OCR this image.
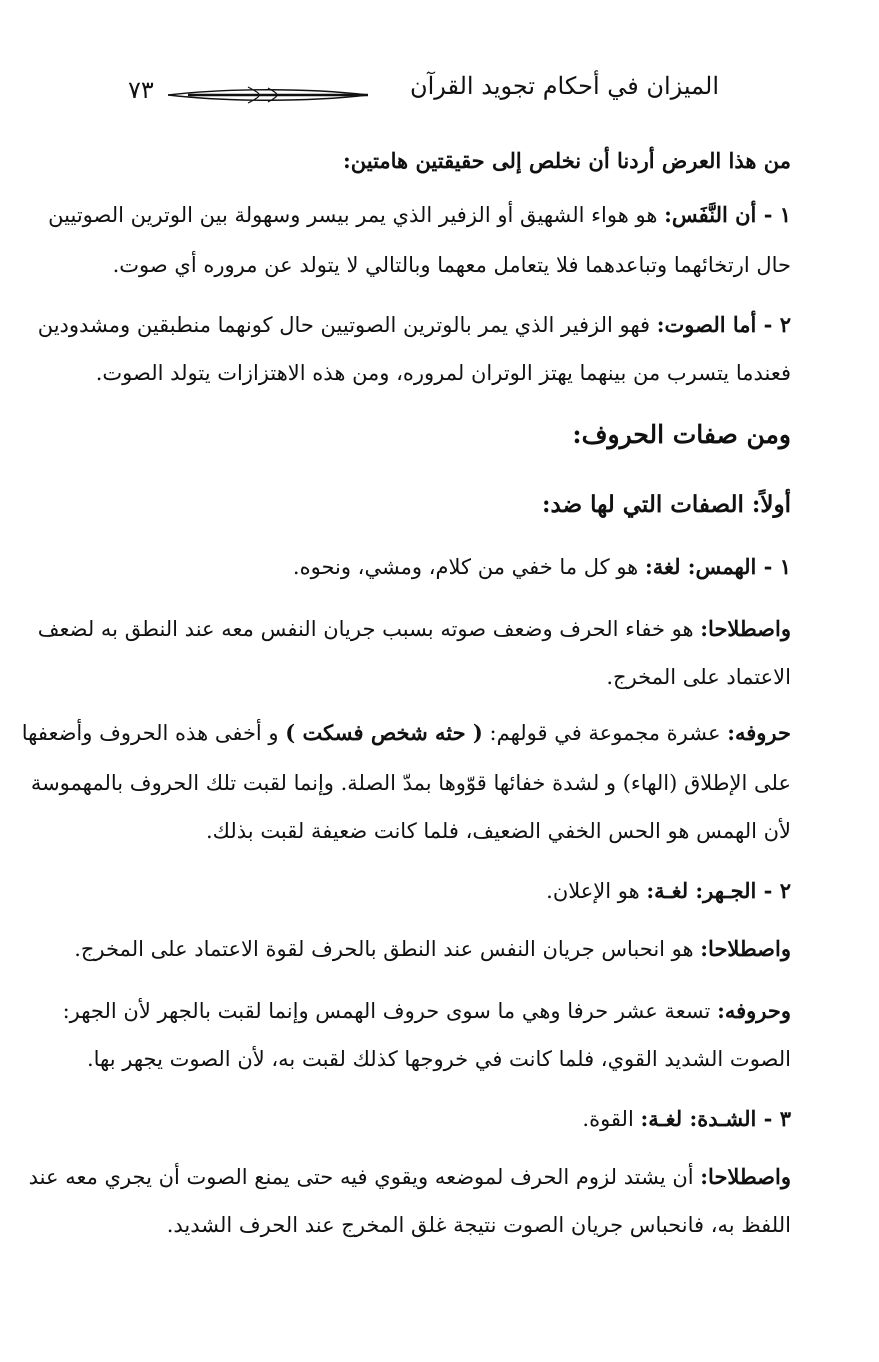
الميزان في أحكام تجويد القرآن
٧٣
من هذا العرض أردنا أن نخلص إلى حقيقتين هامتين:
١ - أن النَّفَس: هو هواء الشهيق أو الزفير الذي يمر بيسر وسهولة بين الوترين الصوتيين
حال ارتخائهما وتباعدهما فلا يتعامل معهما وبالتالي لا يتولد عن مروره أي صوت.
٢ - أما الصوت: فهو الزفير الذي يمر بالوترين الصوتيين حال كونهما منطبقين ومشدودين
فعندما يتسرب من بينهما يهتز الوتران لمروره، ومن هذه الاهتزازات يتولد الصوت.
ومن صفات الحروف:
أولاً: الصفات التي لها ضد:
١ - الهمس: لغة: هو كل ما خفي من كلام، ومشي، ونحوه.
واصطلاحا: هو خفاء الحرف وضعف صوته بسبب جريان النفس معه عند النطق به لضعف
الاعتماد على المخرج.
حروفه: عشرة مجموعة في قولهم: ( حثه شخص فسكت ) و أخفى هذه الحروف وأضعفها
على الإطلاق (الهاء) و لشدة خفائها قوّوها بمدّ الصلة. وإنما لقبت تلك الحروف بالمهموسة
لأن الهمس هو الحس الخفي الضعيف، فلما كانت ضعيفة لقبت بذلك.
٢ - الجـهر: لغـة: هو الإعلان.
واصطلاحا: هو انحباس جريان النفس عند النطق بالحرف لقوة الاعتماد على المخرج.
وحروفه: تسعة عشر حرفا وهي ما سوى حروف الهمس وإنما لقبت بالجهر لأن الجهر:
الصوت الشديد القوي، فلما كانت في خروجها كذلك لقبت به، لأن الصوت يجهر بها.
٣ - الشـدة: لغـة: القوة.
واصطلاحا: أن يشتد لزوم الحرف لموضعه ويقوي فيه حتى يمنع الصوت أن يجري معه عند
اللفظ به، فانحباس جريان الصوت نتيجة غلق المخرج عند الحرف الشديد.
